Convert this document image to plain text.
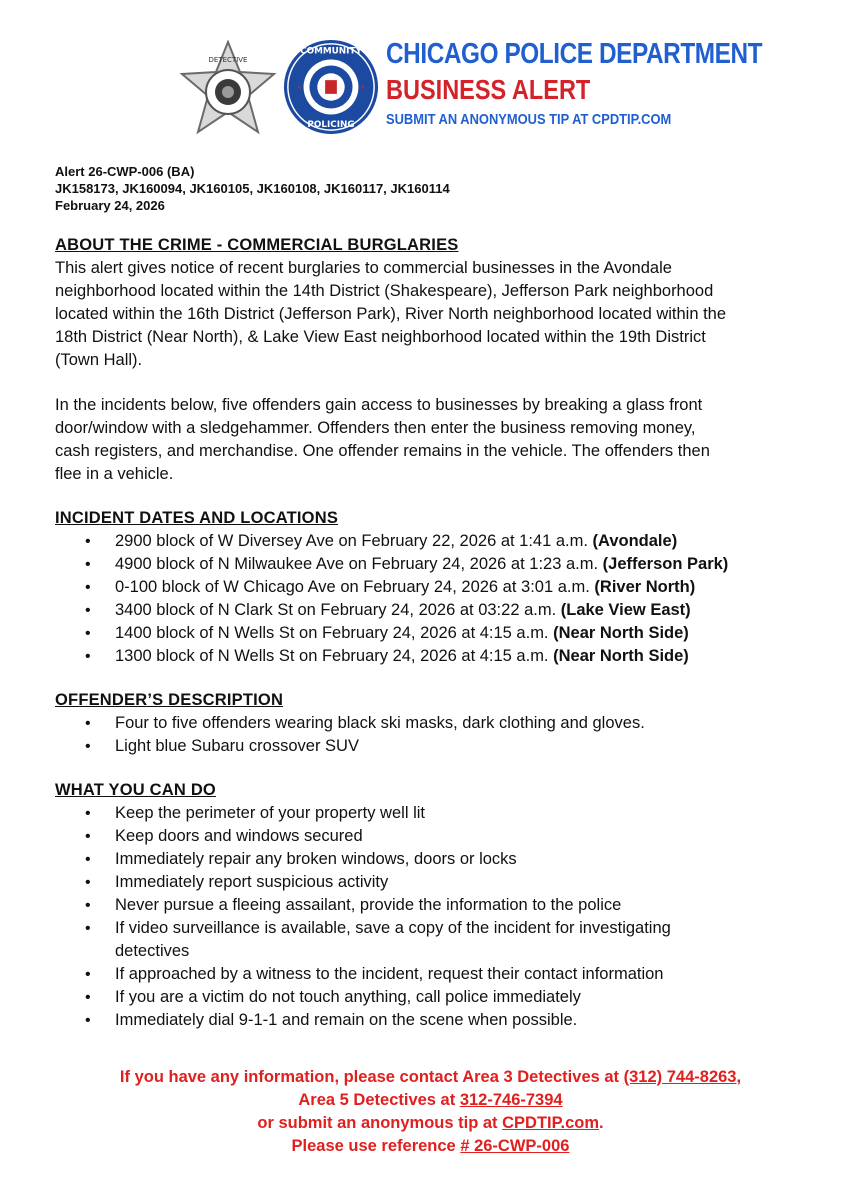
DETECTIVE
COMMUNITY
POLICING
CHICAGO POLICE DEPARTMENT
BUSINESS ALERT
SUBMIT AN ANONYMOUS TIP AT CPDTIP.COM
Alert 26-CWP-006 (BA)
JK158173, JK160094, JK160105, JK160108, JK160117, JK160114
February 24, 2026
ABOUT THE CRIME - COMMERCIAL BURGLARIES

This alert gives notice of recent burglaries to commercial businesses in the Avondale
neighborhood located within the 14th District (Shakespeare), Jefferson Park neighborhood
located within the 16th District (Jefferson Park), River North neighborhood located within the
18th District (Near North), & Lake View East neighborhood located within the 19th District
(Town Hall).

In the incidents below, five offenders gain access to businesses by breaking a glass front
door/window with a sledgehammer. Offenders then enter the business removing money,
cash registers, and merchandise. One offender remains in the vehicle. The offenders then
flee in a vehicle.

INCIDENT DATES AND LOCATIONS
• 2900 block of W Diversey Ave on February 22, 2026 at 1:41 a.m. (Avondale)
• 4900 block of N Milwaukee Ave on February 24, 2026 at 1:23 a.m. (Jefferson Park)
• 0-100 block of W Chicago Ave on February 24, 2026 at 3:01 a.m. (River North)
• 3400 block of N Clark St on February 24, 2026 at 03:22 a.m. (Lake View East)
• 1400 block of N Wells St on February 24, 2026 at 4:15 a.m. (Near North Side)
• 1300 block of N Wells St on February 24, 2026 at 4:15 a.m. (Near North Side)
OFFENDER’S DESCRIPTION
• Four to five offenders wearing black ski masks, dark clothing and gloves.
• Light blue Subaru crossover SUV
WHAT YOU CAN DO
• Keep the perimeter of your property well lit
• Keep doors and windows secured
• Immediately repair any broken windows, doors or locks
• Immediately report suspicious activity
• Never pursue a fleeing assailant, provide the information to the police
• If video surveillance is available, save a copy of the incident for investigating
detectives
• If approached by a witness to the incident, request their contact information
• If you are a victim do not touch anything, call police immediately
• Immediately dial 9-1-1 and remain on the scene when possible.
If you have any information, please contact Area 3 Detectives at (312) 744-8263,
Area 5 Detectives at 312-746-7394
or submit an anonymous tip at CPDTIP.com.
Please use reference # 26-CWP-006
